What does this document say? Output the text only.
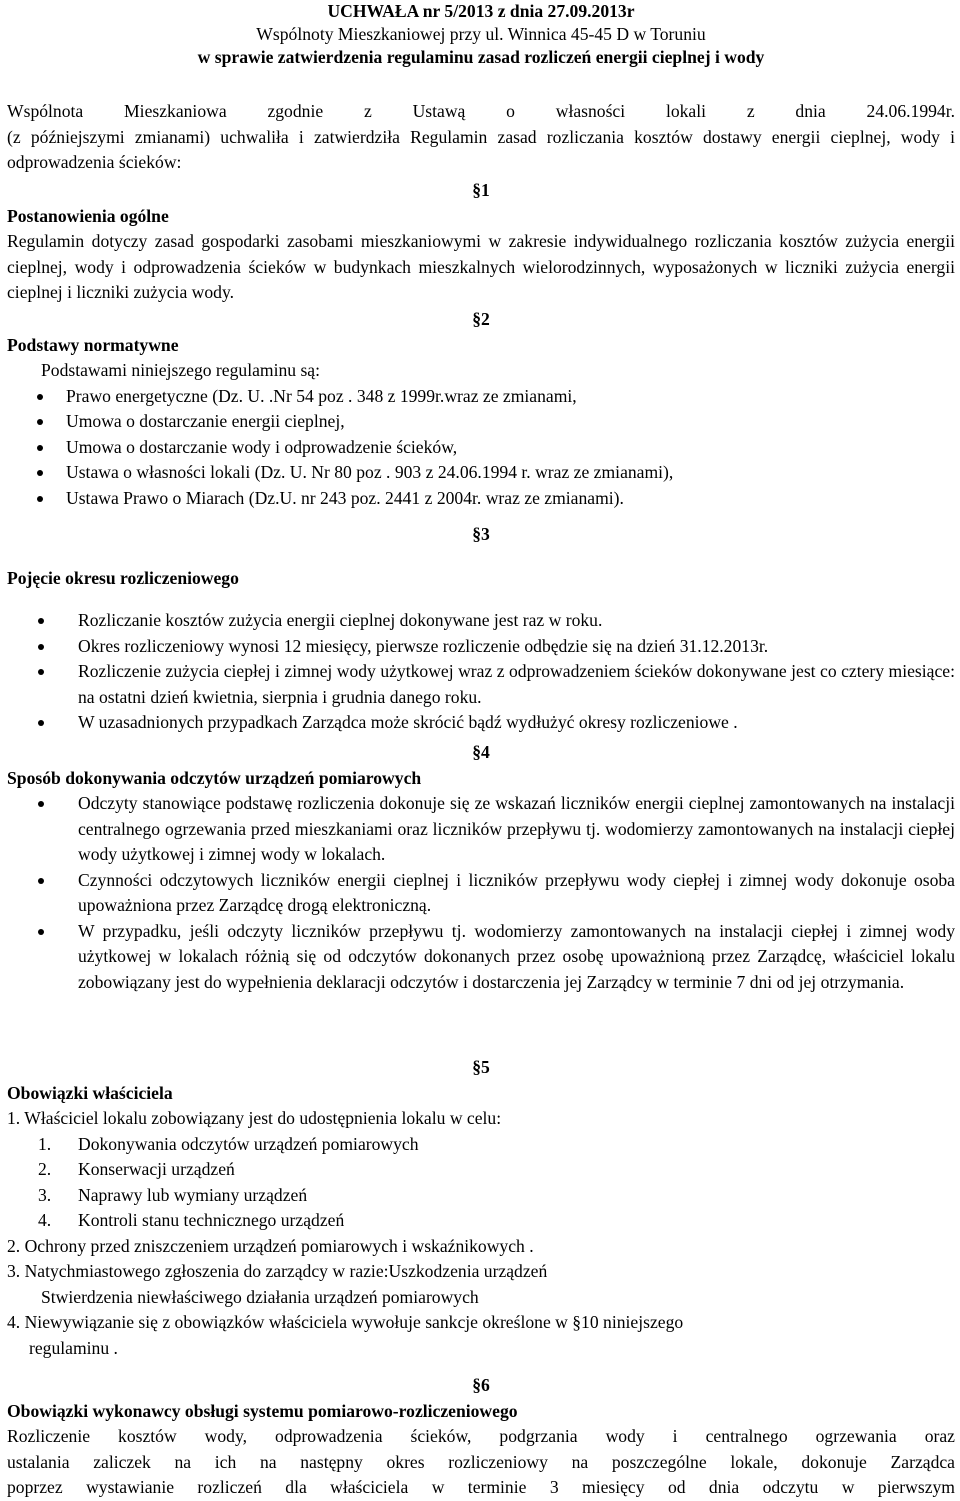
UCHWAŁA nr 5/2013 z dnia 27.09.2013r
Wspólnoty Mieszkaniowej przy ul. Winnica 45-45 D w Toruniu
w sprawie zatwierdzenia regulaminu zasad rozliczeń energii cieplnej i wody
Wspólnota Mieszkaniowa zgodnie z Ustawą o własności lokali z dnia 24.06.1994r.
(z późniejszymi zmianami) uchwaliła i zatwierdziła Regulamin zasad rozliczania kosztów dostawy energii cieplnej, wody i odprowadzenia ścieków:
§1
Postanowienia ogólne
Regulamin dotyczy zasad gospodarki zasobami mieszkaniowymi w zakresie indywidualnego rozliczania kosztów zużycia energii cieplnej, wody i odprowadzenia ścieków w budynkach mieszkalnych wielorodzinnych, wyposażonych w liczniki zużycia energii cieplnej i liczniki zużycia wody.
§2
Podstawy normatywne
Podstawami niniejszego regulaminu są:
Prawo energetyczne (Dz. U. .Nr 54 poz . 348 z 1999r.wraz ze zmianami,
Umowa o dostarczanie energii cieplnej,
Umowa o dostarczanie wody i odprowadzenie ścieków,
Ustawa o własności lokali (Dz. U. Nr 80 poz . 903 z 24.06.1994 r. wraz ze zmianami),
Ustawa Prawo o Miarach (Dz.U. nr 243 poz. 2441 z 2004r. wraz ze zmianami).
§3
Pojęcie okresu rozliczeniowego
Rozliczanie kosztów zużycia energii cieplnej dokonywane jest raz w roku.
Okres rozliczeniowy wynosi 12 miesięcy, pierwsze rozliczenie odbędzie się na dzień 31.12.2013r.
Rozliczenie zużycia ciepłej i zimnej wody użytkowej wraz z odprowadzeniem ścieków dokonywane jest co cztery miesiące: na ostatni dzień kwietnia, sierpnia i grudnia danego roku.
W uzasadnionych przypadkach Zarządca może skrócić bądź wydłużyć okresy rozliczeniowe .
§4
Sposób dokonywania odczytów urządzeń pomiarowych
Odczyty stanowiące podstawę rozliczenia dokonuje się ze wskazań liczników energii cieplnej zamontowanych na instalacji centralnego ogrzewania przed mieszkaniami oraz liczników przepływu tj. wodomierzy zamontowanych na instalacji ciepłej wody użytkowej i zimnej wody w lokalach.
Czynności odczytowych liczników energii cieplnej i liczników przepływu wody ciepłej i zimnej wody dokonuje osoba upoważniona przez Zarządcę drogą elektroniczną.
W przypadku, jeśli odczyty liczników przepływu tj. wodomierzy zamontowanych na instalacji ciepłej i zimnej wody użytkowej w lokalach różnią się od odczytów dokonanych przez osobę upoważnioną przez Zarządcę, właściciel lokalu zobowiązany jest do wypełnienia deklaracji odczytów i dostarczenia jej Zarządcy w terminie 7 dni od jej otrzymania.
§5
Obowiązki właściciela
1. Właściciel lokalu zobowiązany jest do udostępnienia lokalu w celu:
1. Dokonywania odczytów urządzeń pomiarowych
2. Konserwacji urządzeń
3. Naprawy lub wymiany urządzeń
4. Kontroli stanu technicznego urządzeń
2. Ochrony przed zniszczeniem urządzeń pomiarowych i wskaźnikowych .
3. Natychmiastowego zgłoszenia do zarządcy w razie:Uszkodzenia urządzeń
Stwierdzenia niewłaściwego działania urządzeń pomiarowych
4. Niewywiązanie się z obowiązków właściciela wywołuje sankcje określone w §10 niniejszego
regulaminu .
§6
Obowiązki wykonawcy obsługi systemu pomiarowo-rozliczeniowego
Rozliczenie kosztów wody, odprowadzenia ścieków, podgrzania wody i centralnego ogrzewania oraz
ustalania zaliczek na ich na następny okres rozliczeniowy na poszczególne lokale, dokonuje Zarządca
poprzez wystawianie rozliczeń dla właściciela w terminie 3 miesięcy od dnia odczytu w pierwszym
